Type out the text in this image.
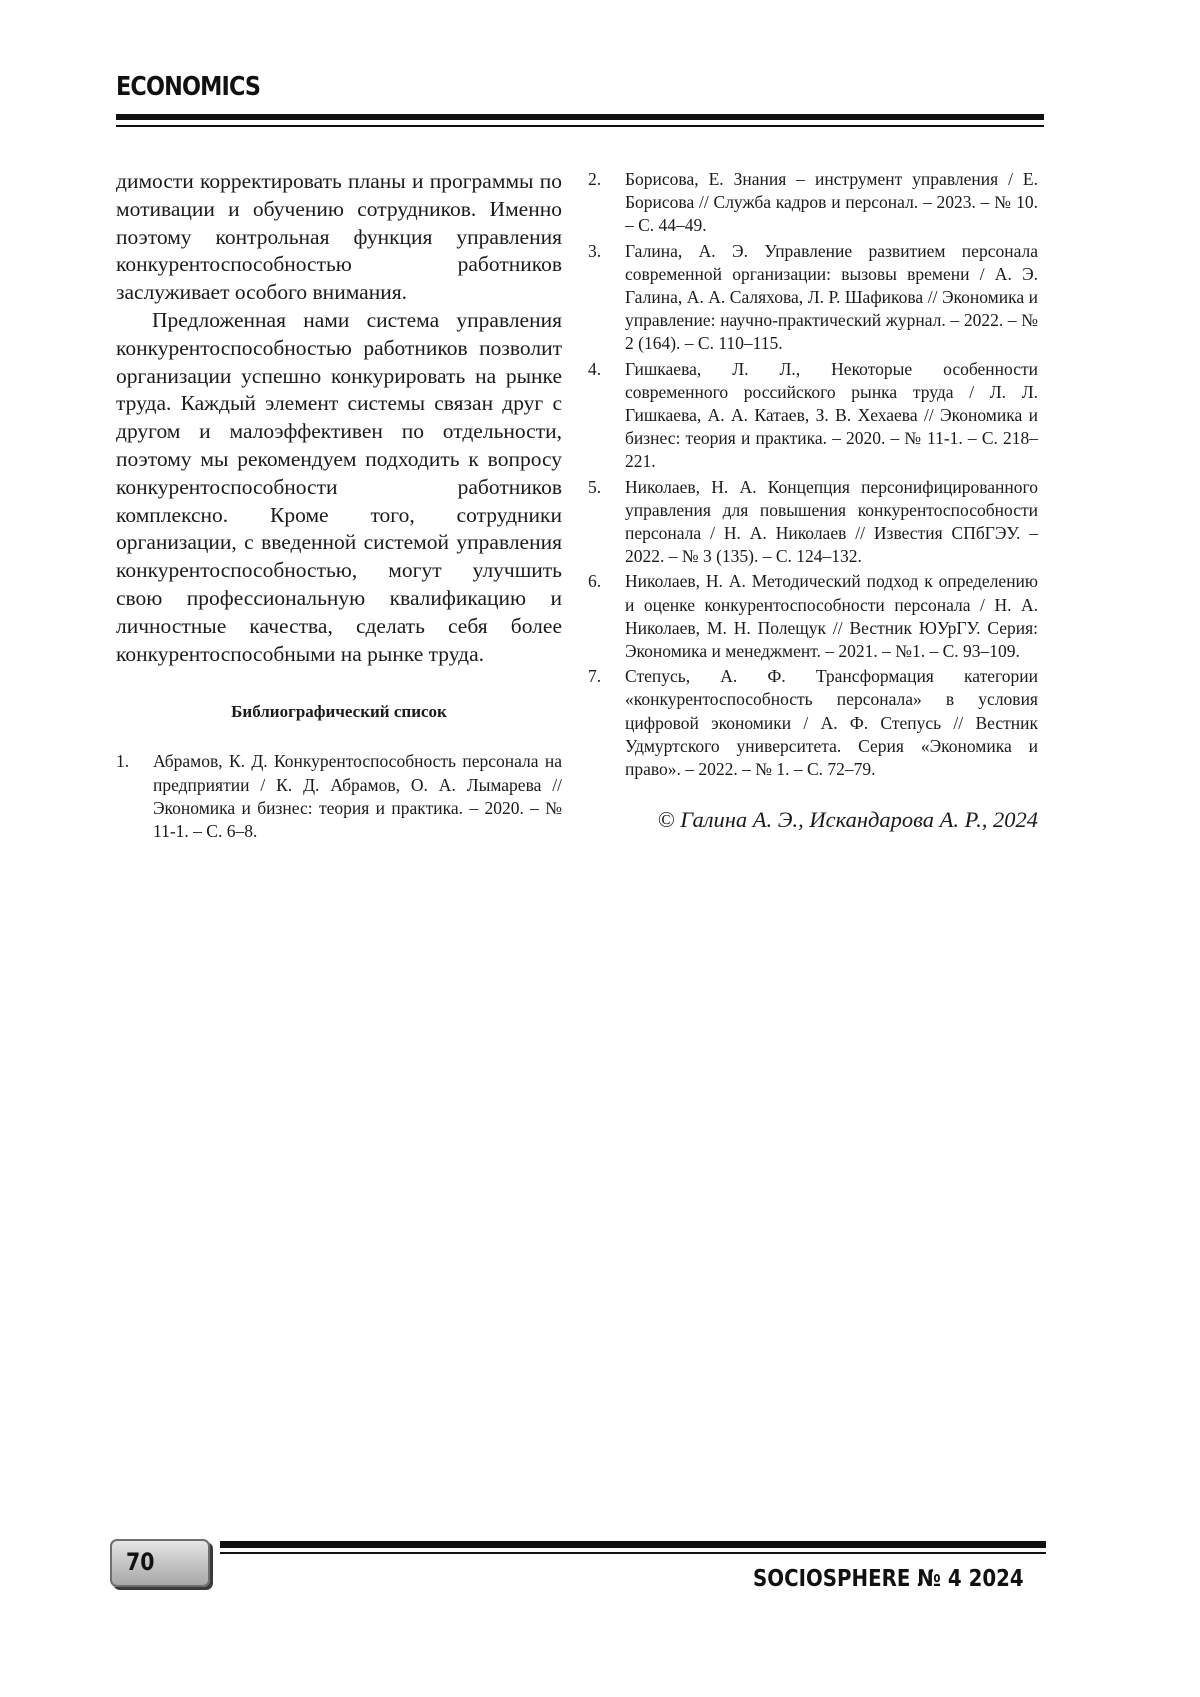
ECONOMICS

димости корректировать планы и программы по мотивации и обучению сотрудников. Именно поэтому контрольная функция управления конкурентоспособностью работников заслуживает особого внимания.

Предложенная нами система управления конкурентоспособностью работников позволит организации успешно конкурировать на рынке труда. Каждый элемент системы связан друг с другом и малоэффективен по отдельности, поэтому мы рекомендуем подходить к вопросу конкурентоспособности работников комплексно. Кроме того, сотрудники организации, с введенной системой управления конкурентоспособностью, могут улучшить свою профессиональную квалификацию и личностные качества, сделать себя более конкурентоспособными на рынке труда.

Библиографический список
1.	Абрамов, К. Д. Конкурентоспособность персонала на предприятии / К. Д. Абрамов, О. А. Лымарева // Экономика и бизнес: теория и практика. – 2020. – № 11-1. – С. 6–8.
2.	Борисова, Е. Знания – инструмент управления / Е. Борисова // Служба кадров и персонал. – 2023. – № 10. – С. 44–49.
3.	Галина, А. Э. Управление развитием персонала современной организации: вызовы времени / А. Э. Галина, А. А. Саляхова, Л. Р. Шафикова // Экономика и управление: научно-практический журнал. – 2022. – № 2 (164). – С. 110–115.
4.	Гишкаева, Л. Л., Некоторые особенности современного российского рынка труда / Л. Л. Гишкаева, А. А. Катаев, З. В. Хехаева // Экономика и бизнес: теория и практика. – 2020. – № 11-1. – С. 218–221.
5.	Николаев, Н. А. Концепция персонифицированного управления для повышения конкурентоспособности персонала / Н. А. Николаев // Известия СПбГЭУ. – 2022. – № 3 (135). – С. 124–132.
6.	Николаев, Н. А. Методический подход к определению и оценке конкурентоспособности персонала / Н. А. Николаев, М. Н. Полещук // Вестник ЮУрГУ. Серия: Экономика и менеджмент. – 2021. – №1. – С. 93–109.
7.	Степусь, А. Ф. Трансформация категории «конкурентоспособность персонала» в условия цифровой экономики / А. Ф. Степусь // Вестник Удмуртского университета. Серия «Экономика и право». – 2022. – № 1. – С. 72–79.

© Галина А. Э., Искандарова А. Р., 2024

70
SOCIOSPHERE № 4 2024
